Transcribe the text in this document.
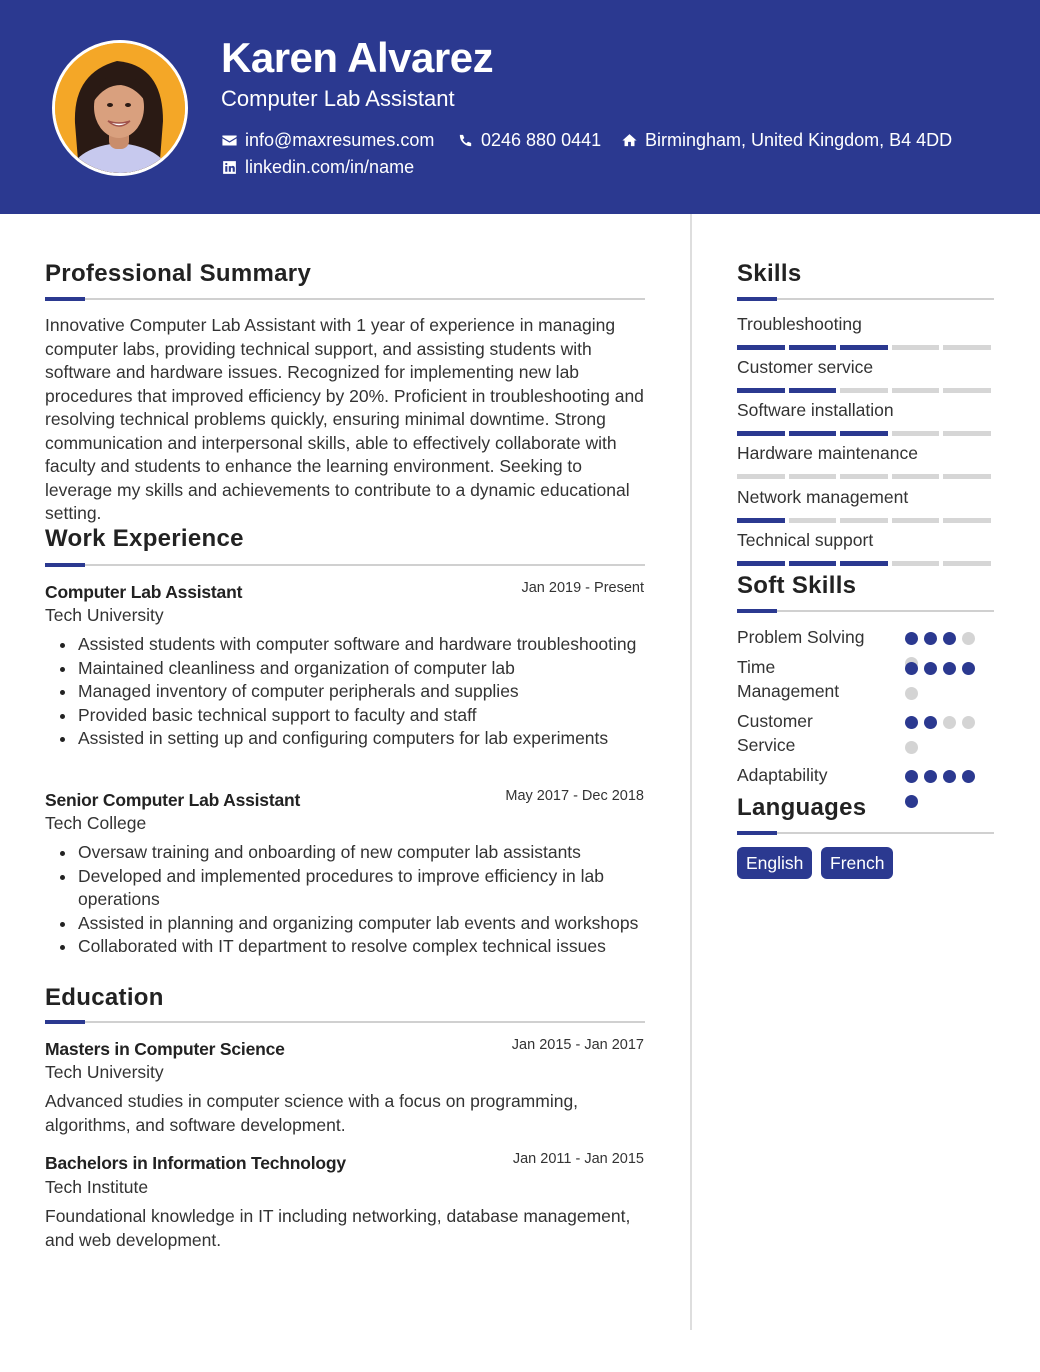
Karen Alvarez
Computer Lab Assistant
info@maxresumes.com	0246 880 0441 Birmingham, United Kingdom, B4 4DD
linkedin.com/in/name
Professional Summary
Innovative Computer Lab Assistant with 1 year of experience in managing computer labs, providing technical support, and assisting students with software and hardware issues. Recognized for implementing new lab procedures that improved efficiency by 20%. Proficient in troubleshooting and resolving technical problems quickly, ensuring minimal downtime. Strong communication and interpersonal skills, able to effectively collaborate with faculty and students to enhance the learning environment. Seeking to leverage my skills and achievements to contribute to a dynamic educational setting.
Work Experience
Computer Lab Assistant	Jan 2019 - Present
Tech University
Assisted students with computer software and hardware troubleshooting
Maintained cleanliness and organization of computer lab
Managed inventory of computer peripherals and supplies
Provided basic technical support to faculty and staff
Assisted in setting up and configuring computers for lab experiments
Senior Computer Lab Assistant	May 2017 - Dec 2018
Tech College
Oversaw training and onboarding of new computer lab assistants
Developed and implemented procedures to improve efficiency in lab operations
Assisted in planning and organizing computer lab events and workshops
Collaborated with IT department to resolve complex technical issues
Education
Masters in Computer Science	Jan 2015 - Jan 2017
Tech University
Advanced studies in computer science with a focus on programming, algorithms, and software development.
Bachelors in Information Technology	Jan 2011 - Jan 2015
Tech Institute
Foundational knowledge in IT including networking, database management, and web development.
Skills
Troubleshooting
Customer service
Software installation
Hardware maintenance
Network management
Technical support
Soft Skills
Problem Solving
Time Management
Customer Service
Adaptability
Languages
English	French
